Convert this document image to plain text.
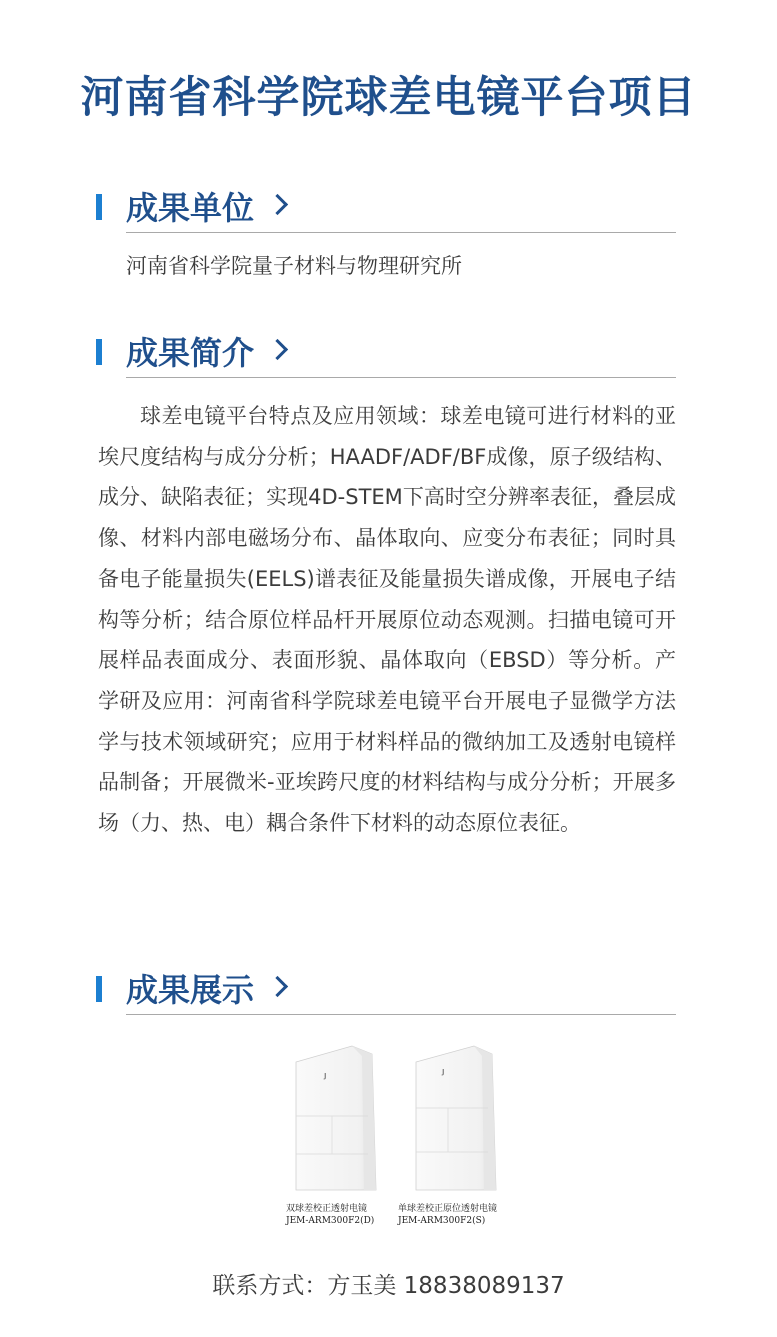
河南省科学院球差电镜平台项目
成果单位
河南省科学院量子材料与物理研究所
成果简介

球差电镜平台特点及应用领域：球差电镜可进行材料的亚埃尺度结构与成分分析；HAADF/ADF/BF成像，原子级结构、成分、缺陷表征；实现4D-STEM下高时空分辨率表征，叠层成像、材料内部电磁场分布、晶体取向、应变分布表征；同时具备电子能量损失(EELS)谱表征及能量损失谱成像，开展电子结构等分析；结合原位样品杆开展原位动态观测。扫描电镜可开展样品表面成分、表面形貌、晶体取向（EBSD）等分析。产学研及应用：河南省科学院球差电镜平台开展电子显微学方法学与技术领域研究；应用于材料样品的微纳加工及透射电镜样品制备；开展微米-亚埃跨尺度的材料结构与成分分析；开展多场（力、热、电）耦合条件下材料的动态原位表征。

成果展示
J	J
双球差校正透射电镜
JEM-ARM300F2(D)
单球差校正原位透射电镜
JEM-ARM300F2(S)
联系方式：方玉美 18838089137
